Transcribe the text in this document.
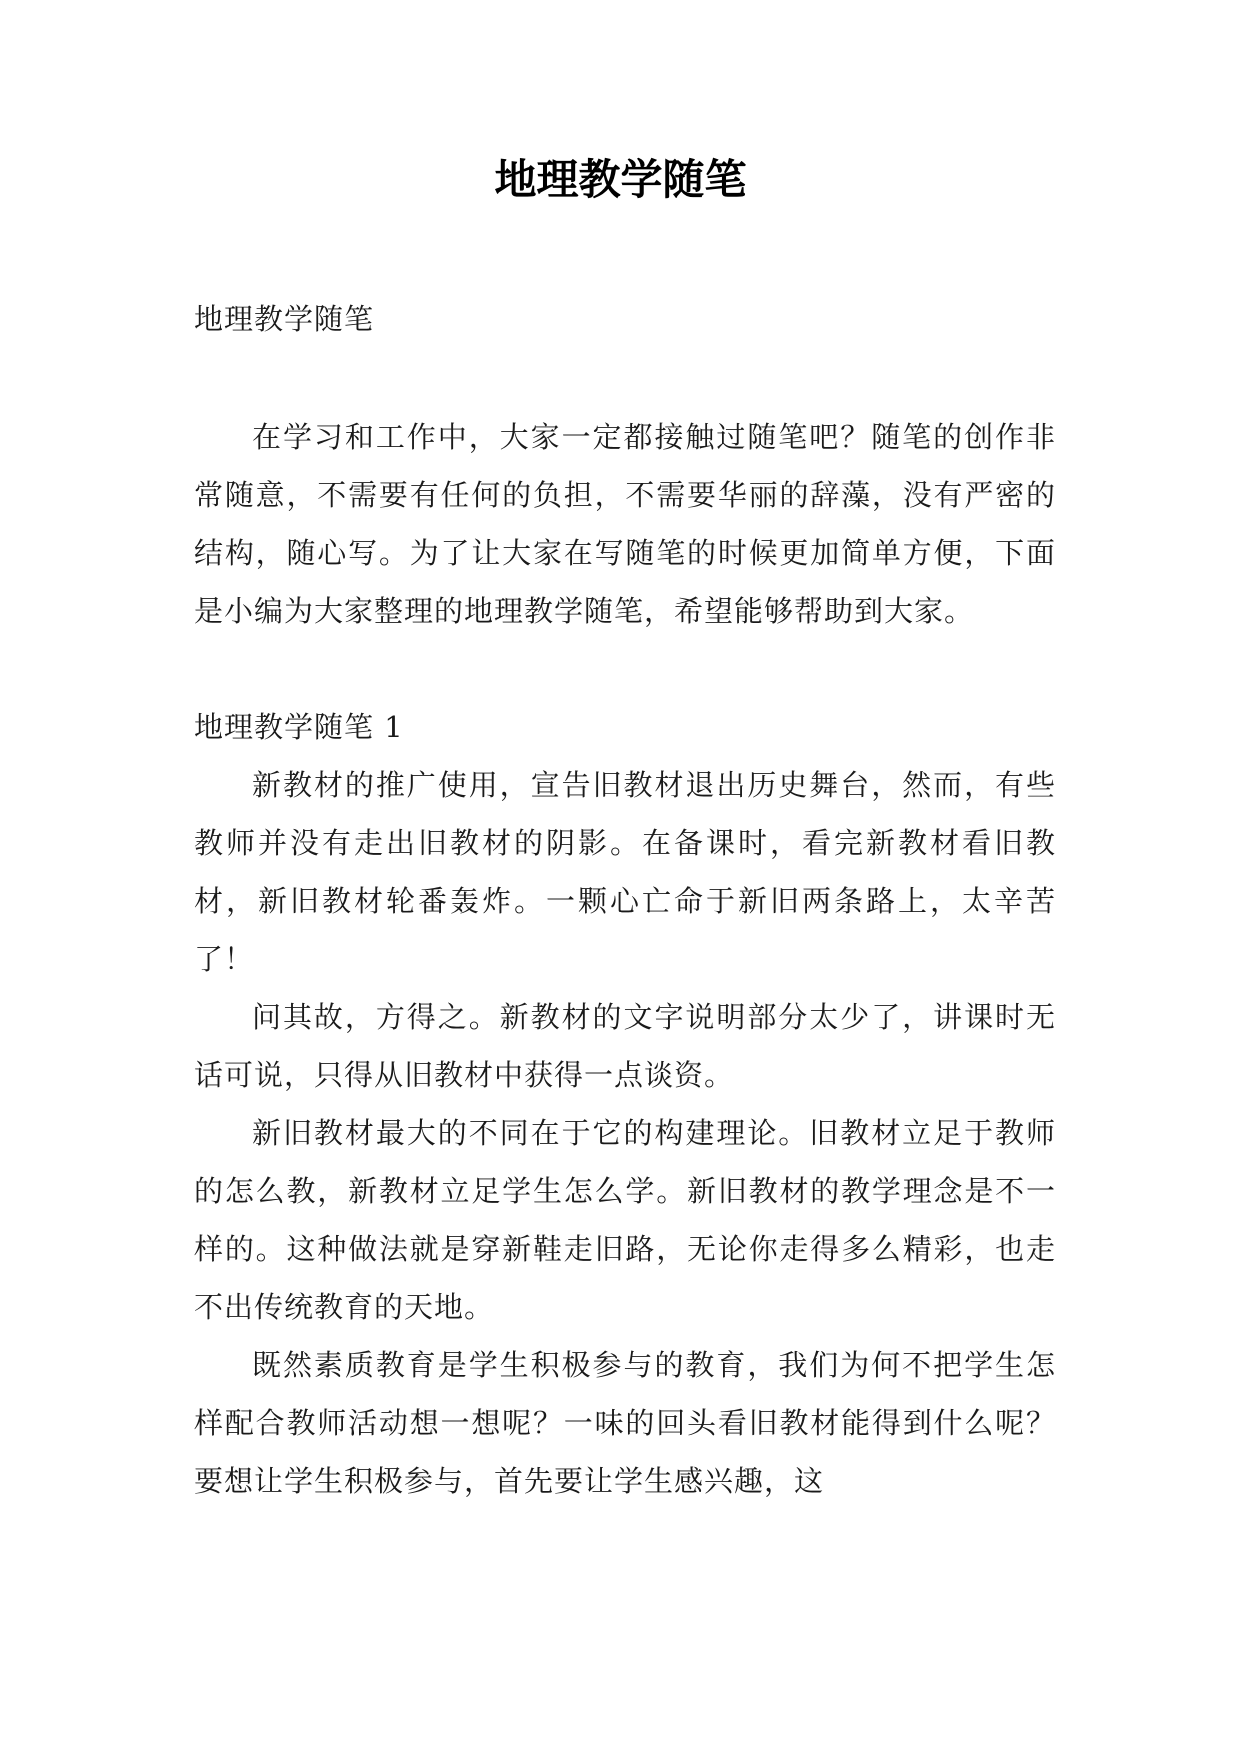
地理教学随笔

地理教学随笔

在学习和工作中，大家一定都接触过随笔吧？随笔的创作非常随意，不需要有任何的负担，不需要华丽的辞藻，没有严密的结构，随心写。为了让大家在写随笔的时候更加简单方便，下面是小编为大家整理的地理教学随笔，希望能够帮助到大家。

地理教学随笔 1

新教材的推广使用，宣告旧教材退出历史舞台，然而，有些教师并没有走出旧教材的阴影。在备课时，看完新教材看旧教材，新旧教材轮番轰炸。一颗心亡命于新旧两条路上，太辛苦了！

问其故，方得之。新教材的文字说明部分太少了，讲课时无话可说，只得从旧教材中获得一点谈资。

新旧教材最大的不同在于它的构建理论。旧教材立足于教师的怎么教，新教材立足学生怎么学。新旧教材的教学理念是不一样的。这种做法就是穿新鞋走旧路，无论你走得多么精彩，也走不出传统教育的天地。

既然素质教育是学生积极参与的教育，我们为何不把学生怎样配合教师活动想一想呢？一味的回头看旧教材能得到什么呢？要想让学生积极参与，首先要让学生感兴趣，这
